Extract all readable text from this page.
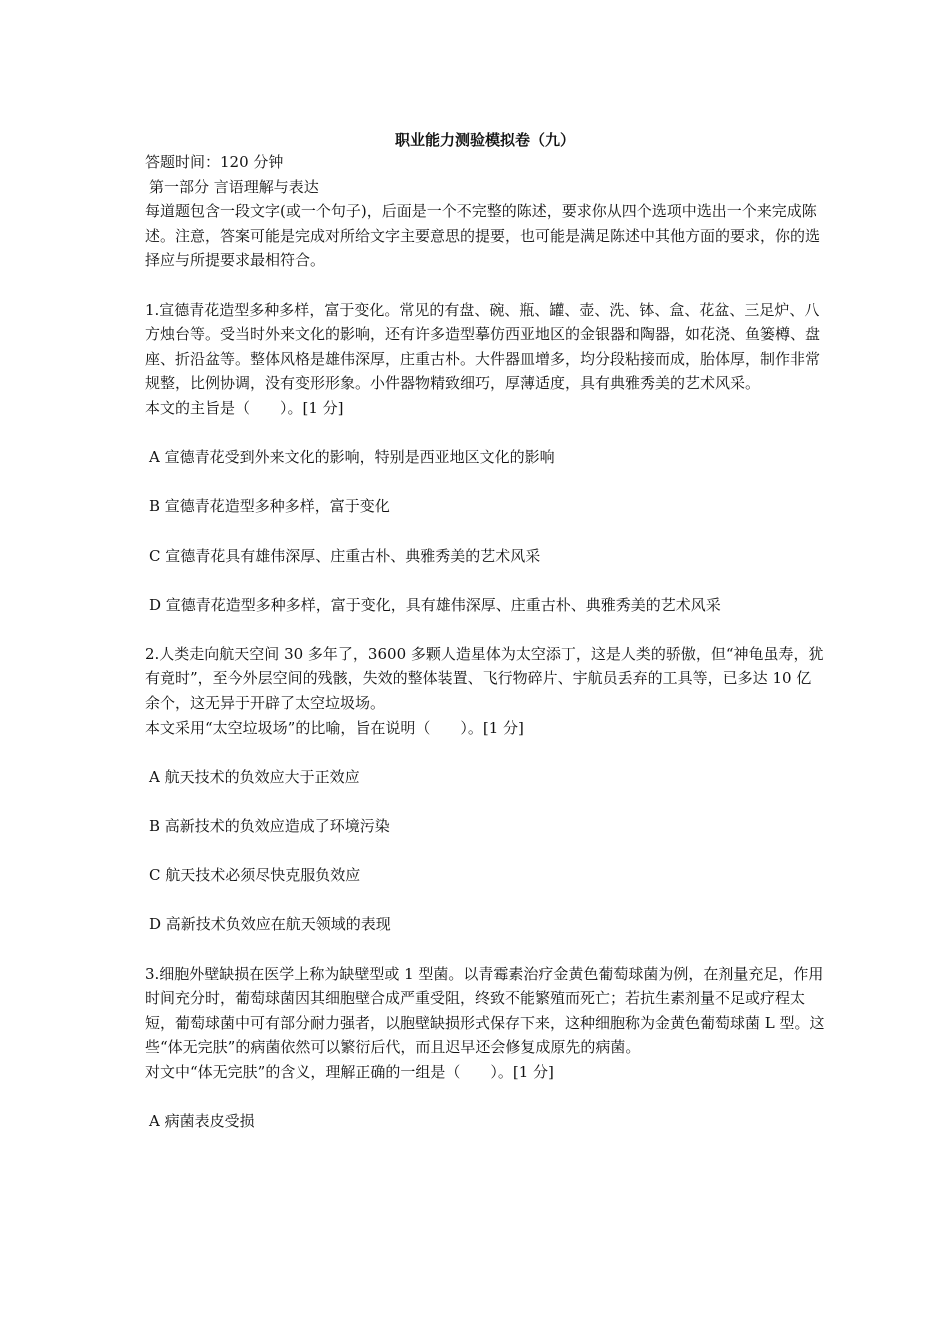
职业能力测验模拟卷（九）

答题时间：120 分钟

第一部分 言语理解与表达

每道题包含一段文字(或一个句子)，后面是一个不完整的陈述，要求你从四个选项中选出一个来完成陈述。注意，答案可能是完成对所给文字主要意思的提要，也可能是满足陈述中其他方面的要求，你的选择应与所提要求最相符合。

1.宣德青花造型多种多样，富于变化。常见的有盘、碗、瓶、罐、壶、洗、钵、盒、花盆、三足炉、八方烛台等。受当时外来文化的影响，还有许多造型摹仿西亚地区的金银器和陶器，如花浇、鱼篓樽、盘座、折沿盆等。整体风格是雄伟深厚，庄重古朴。大件器皿增多，均分段粘接而成，胎体厚，制作非常规整，比例协调，没有变形形象。小件器物精致细巧，厚薄适度，具有典雅秀美的艺术风采。

本文的主旨是（　　）。[1 分]

A 宣德青花受到外来文化的影响，特别是西亚地区文化的影响

B 宣德青花造型多种多样，富于变化

C 宣德青花具有雄伟深厚、庄重古朴、典雅秀美的艺术风采

D 宣德青花造型多种多样，富于变化，具有雄伟深厚、庄重古朴、典雅秀美的艺术风采

2.人类走向航天空间 30 多年了，3600 多颗人造星体为太空添丁，这是人类的骄傲，但“神龟虽寿，犹有竟时”，至今外层空间的残骸，失效的整体装置、飞行物碎片、宇航员丢弃的工具等，已多达 10 亿余个，这无异于开辟了太空垃圾场。

本文采用“太空垃圾场”的比喻，旨在说明（　　）。[1 分]

A 航天技术的负效应大于正效应

B 高新技术的负效应造成了环境污染

C 航天技术必须尽快克服负效应

D 高新技术负效应在航天领域的表现

3.细胞外壁缺损在医学上称为缺壁型或 1 型菌。以青霉素治疗金黄色葡萄球菌为例，在剂量充足，作用时间充分时，葡萄球菌因其细胞壁合成严重受阻，终致不能繁殖而死亡；若抗生素剂量不足或疗程太短，葡萄球菌中可有部分耐力强者，以胞壁缺损形式保存下来，这种细胞称为金黄色葡萄球菌 L 型。这些“体无完肤”的病菌依然可以繁衍后代，而且迟早还会修复成原先的病菌。

对文中“体无完肤”的含义，理解正确的一组是（　　）。[1 分]

A 病菌表皮受损
